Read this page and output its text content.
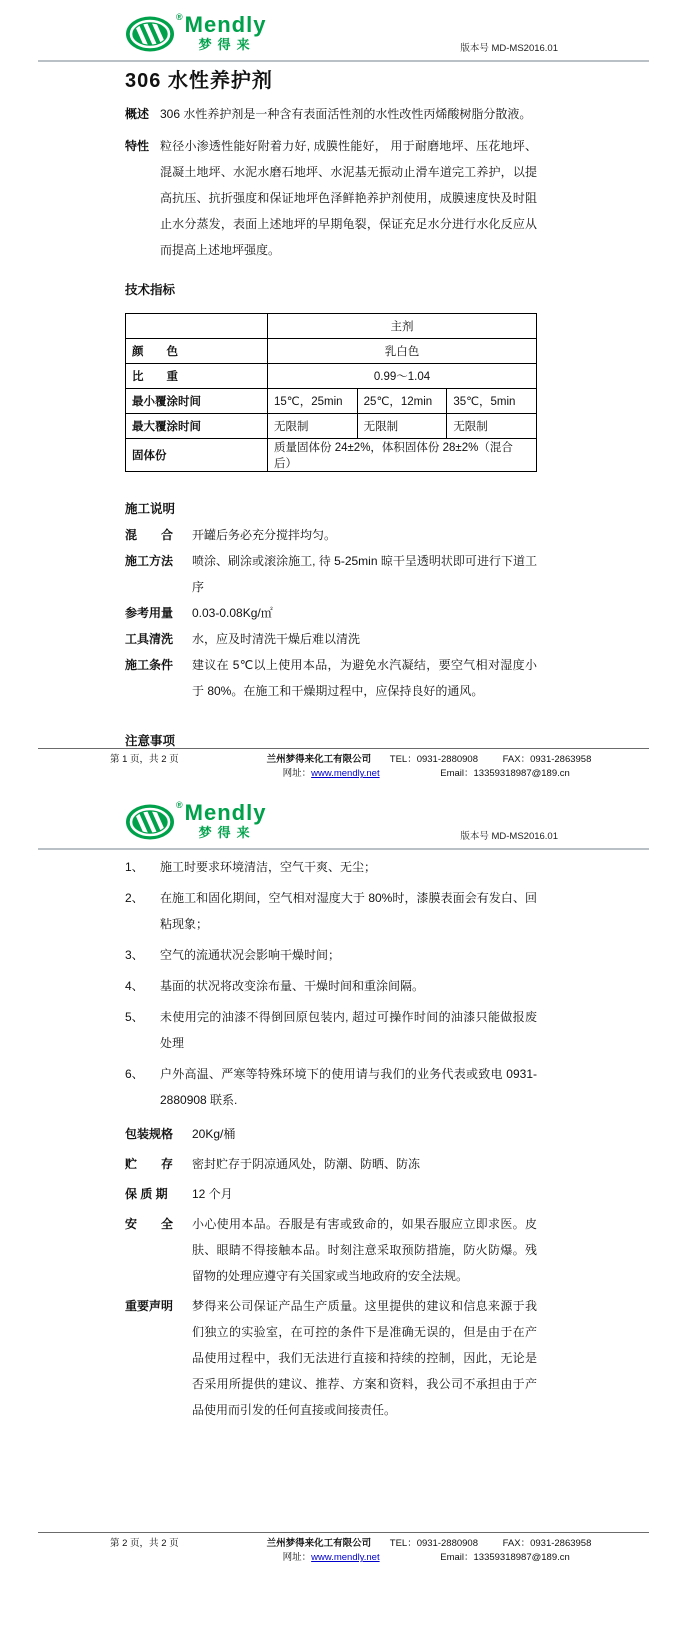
® Mendly
梦得来	版本号 MD-MS2016.01
306 水性养护剂
概述 306 水性养护剂是一种含有表面活性剂的水性改性丙烯酸树脂分散液。
特性 粒径小渗透性能好附着力好, 成膜性能好， 用于耐磨地坪、压花地坪、混凝土地坪、水泥水磨石地坪、水泥基无振动止滑车道完工养护，以提高抗压、抗折强度和保证地坪色泽鲜艳养护剂使用，成膜速度快及时阻止水分蒸发，表面上述地坪的早期龟裂，保证充足水分进行水化反应从而提高上述地坪强度。
技术指标
	主剂		
颜　　色	乳白色		
比　　重	0.99～1.04		
最小覆涂时间	15℃，25min	25℃，12min	35℃，5min
最大覆涂时间	无限制	无限制	无限制
固体份	质量固体份 24±2%，体积固体份 28±2%（混合后）		
施工说明
混　　合	开罐后务必充分搅拌均匀。
施工方法	喷涂、刷涂或滚涂施工, 待 5-25min 晾干呈透明状即可进行下道工序
参考用量	0.03-0.08Kg/㎡
工具清洗	水，应及时清洗干燥后难以清洗
施工条件	建议在 5℃以上使用本品，为避免水汽凝结，要空气相对湿度小于 80%。在施工和干燥期过程中，应保持良好的通风。
注意事项
第 1 页，共 2 页	兰州梦得来化工有限公司 TEL：0931-2880908	FAX：0931-2863958
网址：www.mendly.net	Email：13359318987@189.cn
® Mendly
梦得来	版本号 MD-MS2016.01
1、	施工时要求环境清洁，空气干爽、无尘；
2、	在施工和固化期间，空气相对湿度大于 80%时，漆膜表面会有发白、回粘现象；
3、	空气的流通状况会影响干燥时间；
4、	基面的状况将改变涂布量、干燥时间和重涂间隔。
5、	未使用完的油漆不得倒回原包装内, 超过可操作时间的油漆只能做报废处理
6、	户外高温、严寒等特殊环境下的使用请与我们的业务代表或致电 0931-2880908 联系.
包装规格	20Kg/桶
贮　　存	密封贮存于阴凉通风处，防潮、防晒、防冻
保 质 期	12 个月
安　　全	小心使用本品。吞服是有害或致命的，如果吞服应立即求医。皮肤、眼睛不得接触本品。时刻注意采取预防措施，防火防爆。残留物的处理应遵守有关国家或当地政府的安全法规。
重要声明	梦得来公司保证产品生产质量。这里提供的建议和信息来源于我们独立的实验室，在可控的条件下是准确无误的，但是由于在产品使用过程中，我们无法进行直接和持续的控制，因此，无论是否采用所提供的建议、推荐、方案和资料，我公司不承担由于产品使用而引发的任何直接或间接责任。
第 2 页，共 2 页	兰州梦得来化工有限公司 TEL：0931-2880908	FAX：0931-2863958
网址：www.mendly.net	Email：13359318987@189.cn
